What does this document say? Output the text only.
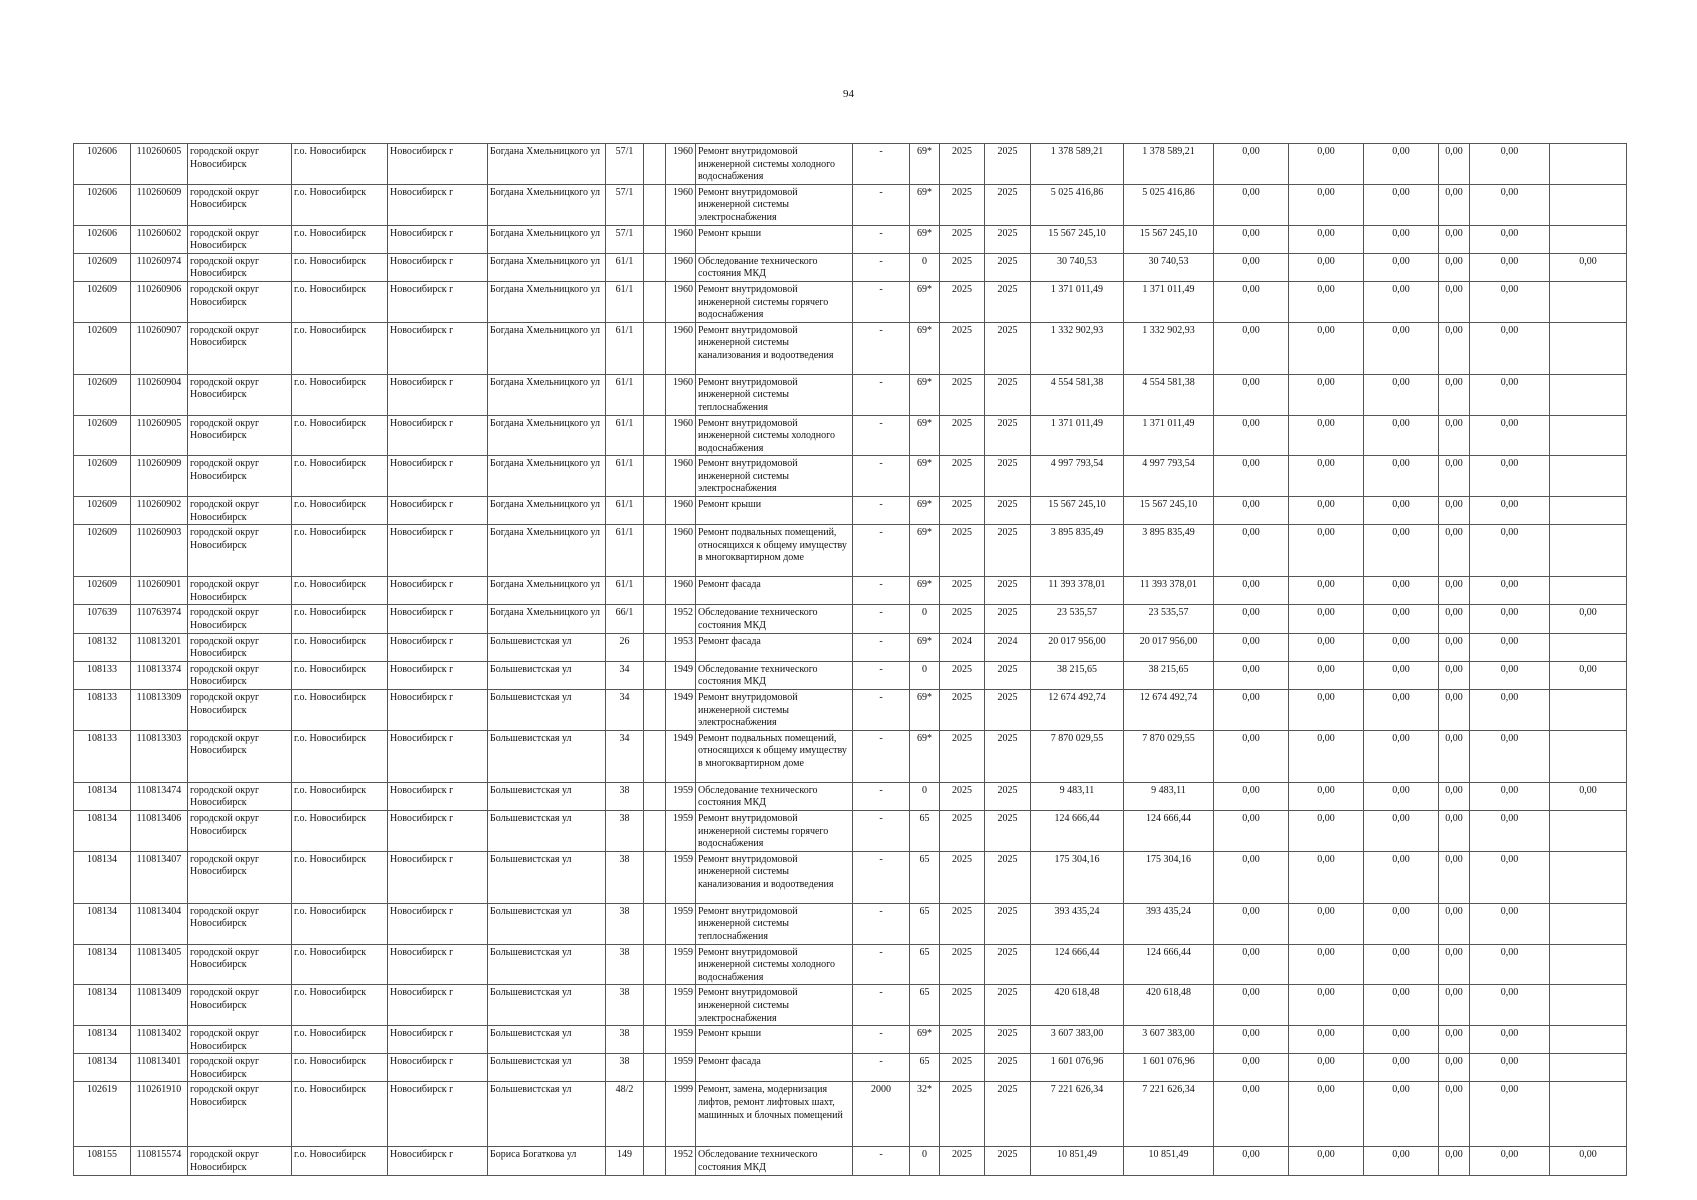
94
102606	110260605	городской округ Новосибирск	г.о. Новосибирск	Новосибирск г	Богдана Хмельницкого ул	57/1		1960	Ремонт внутридомовой инженерной системы холодного водоснабжения	-	69*	2025	2025	1 378 589,21	1 378 589,21	0,00	0,00	0,00	0,00	0,00	
102606	110260609	городской округ Новосибирск	г.о. Новосибирск	Новосибирск г	Богдана Хмельницкого ул	57/1		1960	Ремонт внутридомовой инженерной системы электроснабжения	-	69*	2025	2025	5 025 416,86	5 025 416,86	0,00	0,00	0,00	0,00	0,00	
102606	110260602	городской округ Новосибирск	г.о. Новосибирск	Новосибирск г	Богдана Хмельницкого ул	57/1		1960	Ремонт крыши	-	69*	2025	2025	15 567 245,10	15 567 245,10	0,00	0,00	0,00	0,00	0,00	
102609	110260974	городской округ Новосибирск	г.о. Новосибирск	Новосибирск г	Богдана Хмельницкого ул	61/1		1960	Обследование технического состояния МКД	-	0	2025	2025	30 740,53	30 740,53	0,00	0,00	0,00	0,00	0,00	0,00
102609	110260906	городской округ Новосибирск	г.о. Новосибирск	Новосибирск г	Богдана Хмельницкого ул	61/1		1960	Ремонт внутридомовой инженерной системы горячего водоснабжения	-	69*	2025	2025	1 371 011,49	1 371 011,49	0,00	0,00	0,00	0,00	0,00	
102609	110260907	городской округ Новосибирск	г.о. Новосибирск	Новосибирск г	Богдана Хмельницкого ул	61/1		1960	Ремонт внутридомовой инженерной системы канализования и водоотведения	-	69*	2025	2025	1 332 902,93	1 332 902,93	0,00	0,00	0,00	0,00	0,00	
102609	110260904	городской округ Новосибирск	г.о. Новосибирск	Новосибирск г	Богдана Хмельницкого ул	61/1		1960	Ремонт внутридомовой инженерной системы теплоснабжения	-	69*	2025	2025	4 554 581,38	4 554 581,38	0,00	0,00	0,00	0,00	0,00	
102609	110260905	городской округ Новосибирск	г.о. Новосибирск	Новосибирск г	Богдана Хмельницкого ул	61/1		1960	Ремонт внутридомовой инженерной системы холодного водоснабжения	-	69*	2025	2025	1 371 011,49	1 371 011,49	0,00	0,00	0,00	0,00	0,00	
102609	110260909	городской округ Новосибирск	г.о. Новосибирск	Новосибирск г	Богдана Хмельницкого ул	61/1		1960	Ремонт внутридомовой инженерной системы электроснабжения	-	69*	2025	2025	4 997 793,54	4 997 793,54	0,00	0,00	0,00	0,00	0,00	
102609	110260902	городской округ Новосибирск	г.о. Новосибирск	Новосибирск г	Богдана Хмельницкого ул	61/1		1960	Ремонт крыши	-	69*	2025	2025	15 567 245,10	15 567 245,10	0,00	0,00	0,00	0,00	0,00	
102609	110260903	городской округ Новосибирск	г.о. Новосибирск	Новосибирск г	Богдана Хмельницкого ул	61/1		1960	Ремонт подвальных помещений, относящихся к общему имуществу в многоквартирном доме	-	69*	2025	2025	3 895 835,49	3 895 835,49	0,00	0,00	0,00	0,00	0,00	
102609	110260901	городской округ Новосибирск	г.о. Новосибирск	Новосибирск г	Богдана Хмельницкого ул	61/1		1960	Ремонт фасада	-	69*	2025	2025	11 393 378,01	11 393 378,01	0,00	0,00	0,00	0,00	0,00	
107639	110763974	городской округ Новосибирск	г.о. Новосибирск	Новосибирск г	Богдана Хмельницкого ул	66/1		1952	Обследование технического состояния МКД	-	0	2025	2025	23 535,57	23 535,57	0,00	0,00	0,00	0,00	0,00	0,00
108132	110813201	городской округ Новосибирск	г.о. Новосибирск	Новосибирск г	Большевистская ул	26		1953	Ремонт фасада	-	69*	2024	2024	20 017 956,00	20 017 956,00	0,00	0,00	0,00	0,00	0,00	
108133	110813374	городской округ Новосибирск	г.о. Новосибирск	Новосибирск г	Большевистская ул	34		1949	Обследование технического состояния МКД	-	0	2025	2025	38 215,65	38 215,65	0,00	0,00	0,00	0,00	0,00	0,00
108133	110813309	городской округ Новосибирск	г.о. Новосибирск	Новосибирск г	Большевистская ул	34		1949	Ремонт внутридомовой инженерной системы электроснабжения	-	69*	2025	2025	12 674 492,74	12 674 492,74	0,00	0,00	0,00	0,00	0,00	
108133	110813303	городской округ Новосибирск	г.о. Новосибирск	Новосибирск г	Большевистская ул	34		1949	Ремонт подвальных помещений, относящихся к общему имуществу в многоквартирном доме	-	69*	2025	2025	7 870 029,55	7 870 029,55	0,00	0,00	0,00	0,00	0,00	
108134	110813474	городской округ Новосибирск	г.о. Новосибирск	Новосибирск г	Большевистская ул	38		1959	Обследование технического состояния МКД	-	0	2025	2025	9 483,11	9 483,11	0,00	0,00	0,00	0,00	0,00	0,00
108134	110813406	городской округ Новосибирск	г.о. Новосибирск	Новосибирск г	Большевистская ул	38		1959	Ремонт внутридомовой инженерной системы горячего водоснабжения	-	65	2025	2025	124 666,44	124 666,44	0,00	0,00	0,00	0,00	0,00	
108134	110813407	городской округ Новосибирск	г.о. Новосибирск	Новосибирск г	Большевистская ул	38		1959	Ремонт внутридомовой инженерной системы канализования и водоотведения	-	65	2025	2025	175 304,16	175 304,16	0,00	0,00	0,00	0,00	0,00	
108134	110813404	городской округ Новосибирск	г.о. Новосибирск	Новосибирск г	Большевистская ул	38		1959	Ремонт внутридомовой инженерной системы теплоснабжения	-	65	2025	2025	393 435,24	393 435,24	0,00	0,00	0,00	0,00	0,00	
108134	110813405	городской округ Новосибирск	г.о. Новосибирск	Новосибирск г	Большевистская ул	38		1959	Ремонт внутридомовой инженерной системы холодного водоснабжения	-	65	2025	2025	124 666,44	124 666,44	0,00	0,00	0,00	0,00	0,00	
108134	110813409	городской округ Новосибирск	г.о. Новосибирск	Новосибирск г	Большевистская ул	38		1959	Ремонт внутридомовой инженерной системы электроснабжения	-	65	2025	2025	420 618,48	420 618,48	0,00	0,00	0,00	0,00	0,00	
108134	110813402	городской округ Новосибирск	г.о. Новосибирск	Новосибирск г	Большевистская ул	38		1959	Ремонт крыши	-	69*	2025	2025	3 607 383,00	3 607 383,00	0,00	0,00	0,00	0,00	0,00	
108134	110813401	городской округ Новосибирск	г.о. Новосибирск	Новосибирск г	Большевистская ул	38		1959	Ремонт фасада	-	65	2025	2025	1 601 076,96	1 601 076,96	0,00	0,00	0,00	0,00	0,00	
102619	110261910	городской округ Новосибирск	г.о. Новосибирск	Новосибирск г	Большевистская ул	48/2		1999	Ремонт, замена, модернизация лифтов, ремонт лифтовых шахт, машинных и блочных помещений	2000	32*	2025	2025	7 221 626,34	7 221 626,34	0,00	0,00	0,00	0,00	0,00	
108155	110815574	городской округ Новосибирск	г.о. Новосибирск	Новосибирск г	Бориса Богаткова ул	149		1952	Обследование технического состояния МКД	-	0	2025	2025	10 851,49	10 851,49	0,00	0,00	0,00	0,00	0,00	0,00
